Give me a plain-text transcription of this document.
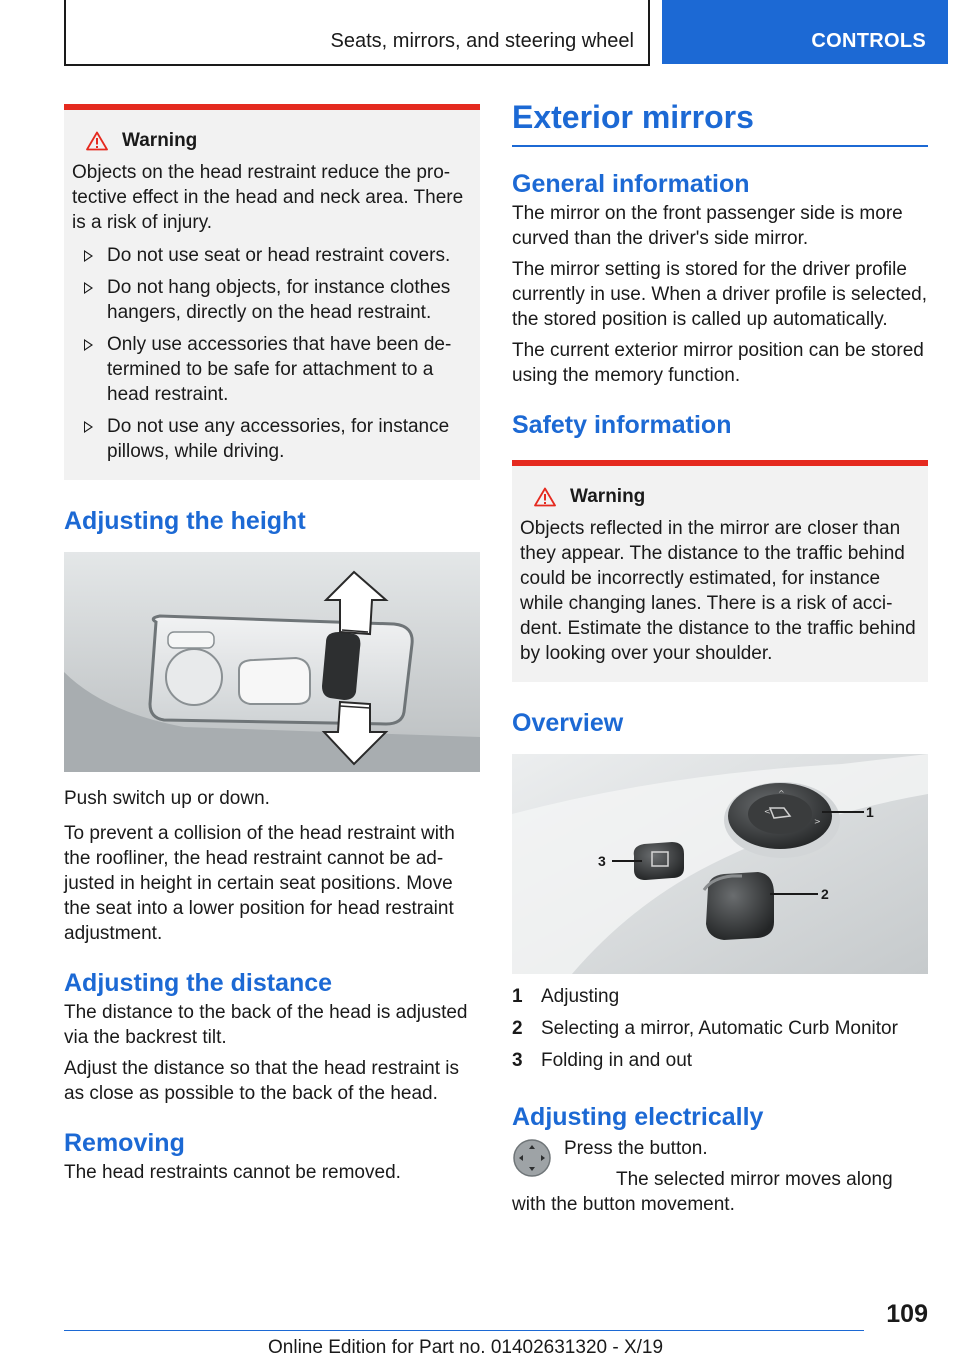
Seats, mirrors, and steering wheel	CONTROLS
Warning

Objects on the head restraint reduce the protective effect in the head and neck area. There is a risk of injury.

Do not use seat or head restraint covers.
Do not hang objects, for instance clothes hangers, directly on the head restraint.
Only use accessories that have been determined to be safe for attachment to a head restraint.
Do not use any accessories, for instance pillows, while driving.
Adjusting the height

Push switch up or down.

To prevent a collision of the head restraint with the roofliner, the head restraint cannot be adjusted in height in certain seat positions. Move the seat into a lower position for head restraint adjustment.

Adjusting the distance

The distance to the back of the head is adjusted via the backrest tilt.

Adjust the distance so that the head restraint is as close as possible to the back of the head.

Removing

The head restraints cannot be removed.

Exterior mirrors
General information

The mirror on the front passenger side is more curved than the driver's side mirror.

The mirror setting is stored for the driver profile currently in use. When a driver profile is selected, the stored position is called up automatically.

The current exterior mirror position can be stored using the memory function.

Safety information
Warning

Objects reflected in the mirror are closer than they appear. The distance to the traffic behind could be incorrectly estimated, for instance while changing lanes. There is a risk of accident. Estimate the distance to the traffic behind by looking over your shoulder.

Overview
^
<
>
1
2
3
1 Adjusting
2 Selecting a mirror, Automatic Curb Monitor
3 Folding in and out
Adjusting electrically

Press the button.

The selected mirror moves along with the button movement.

109
Online Edition for Part no. 01402631320 - X/19
